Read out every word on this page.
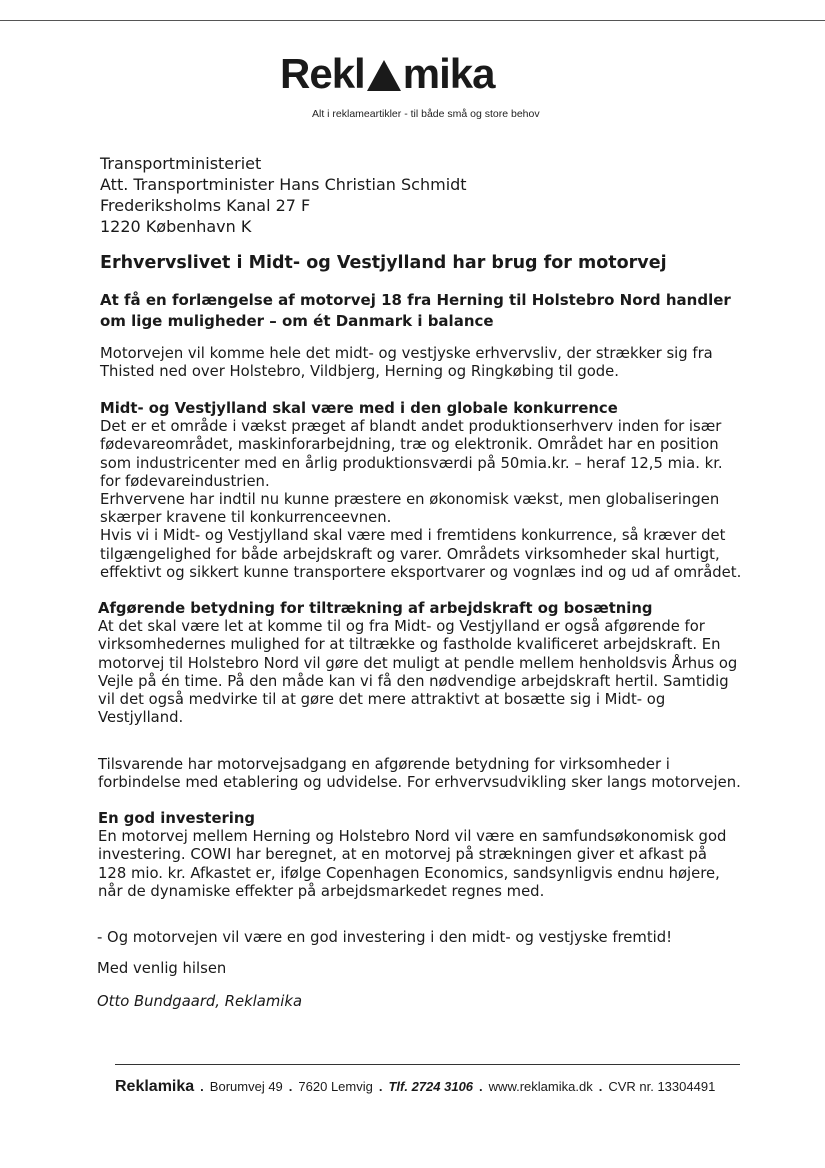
Rekl mika
Alt i reklameartikler - til både små og store behov
Transportministeriet
Att. Transportminister Hans Christian Schmidt
Frederiksholms Kanal 27 F
1220 København K
Erhvervslivet i Midt- og Vestjylland har brug for motorvej
At få en forlængelse af motorvej 18 fra Herning til Holstebro Nord handler
om lige muligheder – om ét Danmark i balance
Motorvejen vil komme hele det midt- og vestjyske erhvervsliv, der strækker sig fra
Thisted ned over Holstebro, Vildbjerg, Herning og Ringkøbing til gode.
Midt- og Vestjylland skal være med i den globale konkurrence
Det er et område i vækst præget af blandt andet produktionserhverv inden for især
fødevareområdet, maskinforarbejdning, træ og elektronik. Området har en position
som industricenter med en årlig produktionsværdi på 50mia.kr. – heraf 12,5 mia. kr.
for fødevareindustrien.
Erhvervene har indtil nu kunne præstere en økonomisk vækst, men globaliseringen
skærper kravene til konkurrenceevnen.
Hvis vi i Midt- og Vestjylland skal være med i fremtidens konkurrence, så kræver det
tilgængelighed for både arbejdskraft og varer. Områdets virksomheder skal hurtigt,
effektivt og sikkert kunne transportere eksportvarer og vognlæs ind og ud af området.
Afgørende betydning for tiltrækning af arbejdskraft og bosætning
At det skal være let at komme til og fra Midt- og Vestjylland er også afgørende for
virksomhedernes mulighed for at tiltrække og fastholde kvalificeret arbejdskraft. En
motorvej til Holstebro Nord vil gøre det muligt at pendle mellem henholdsvis Århus og
Vejle på én time. På den måde kan vi få den nødvendige arbejdskraft hertil. Samtidig
vil det også medvirke til at gøre det mere attraktivt at bosætte sig i Midt- og
Vestjylland.
Tilsvarende har motorvejsadgang en afgørende betydning for virksomheder i
forbindelse med etablering og udvidelse. For erhvervsudvikling sker langs motorvejen.
En god investering
En motorvej mellem Herning og Holstebro Nord vil være en samfundsøkonomisk god
investering. COWI har beregnet, at en motorvej på strækningen giver et afkast på
128 mio. kr. Afkastet er, ifølge Copenhagen Economics, sandsynligvis endnu højere,
når de dynamiske effekter på arbejdsmarkedet regnes med.
- Og motorvejen vil være en god investering i den midt- og vestjyske fremtid!
Med venlig hilsen
Otto Bundgaard, Reklamika
Reklamika . Borumvej 49 . 7620 Lemvig . Tlf. 2724 3106 . www.reklamika.dk . CVR nr. 13304491
